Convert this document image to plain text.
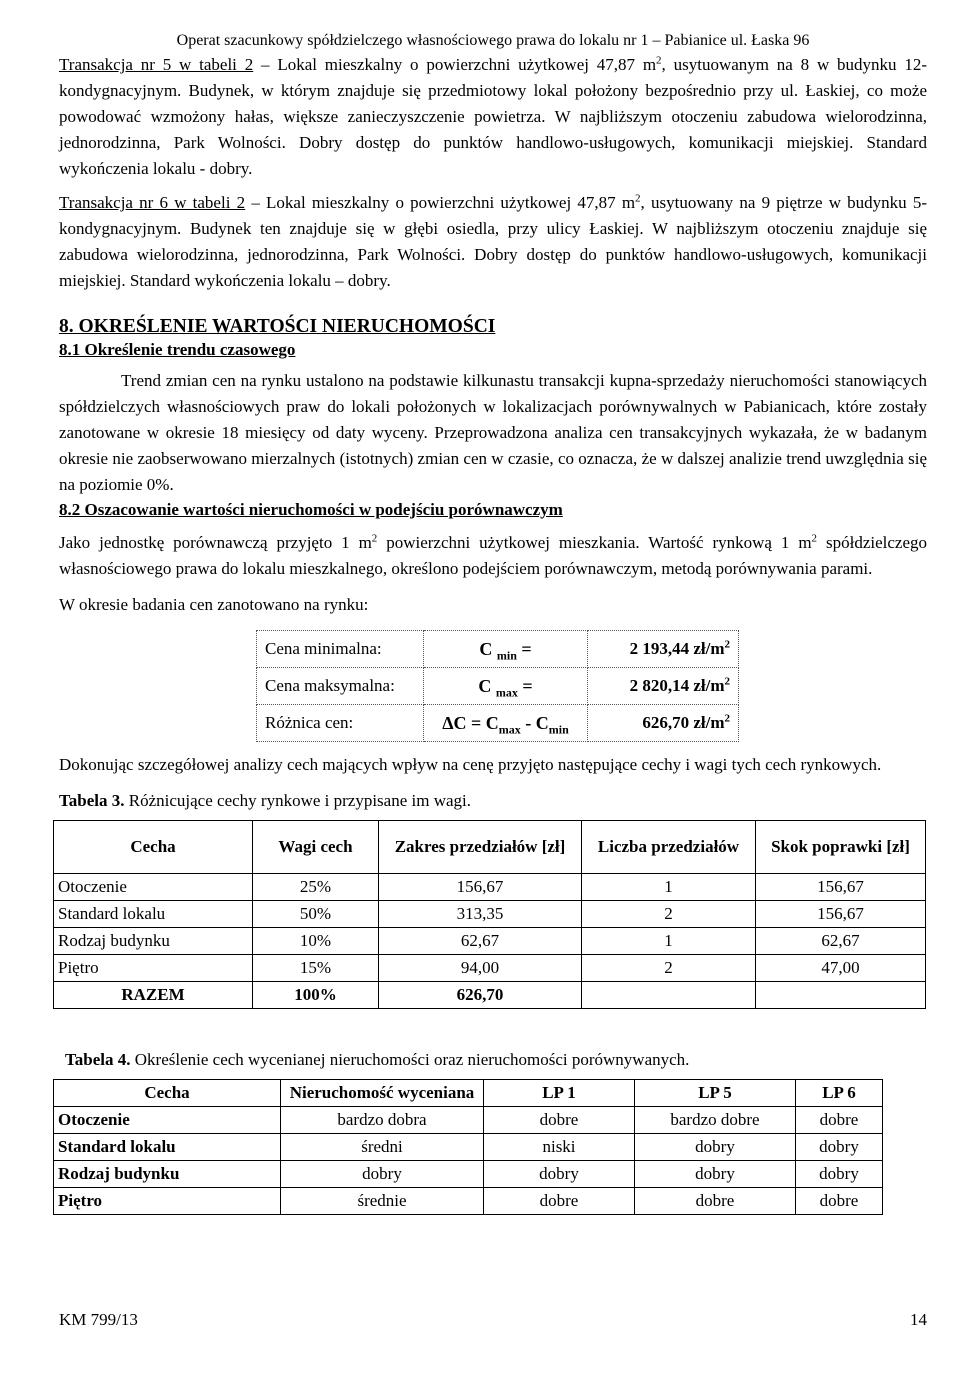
Operat szacunkowy spółdzielczego własnościowego prawa do lokalu nr 1 – Pabianice ul. Łaska 96

Transakcja nr 5 w tabeli 2 – Lokal mieszkalny o powierzchni użytkowej 47,87 $m^2$, usytuowanym na 8 w budynku 12-kondygnacyjnym. Budynek, w którym znajduje się przedmiotowy lokal położony bezpośrednio przy ul. Łaskiej, co może powodować wzmożony hałas, większe zanieczyszczenie powietrza. W najbliższym otoczeniu zabudowa wielorodzinna, jednorodzinna, Park Wolności. Dobry dostęp do punktów handlowo-usługowych, komunikacji miejskiej. Standard wykończenia lokalu - dobry.

Transakcja nr 6 w tabeli 2 – Lokal mieszkalny o powierzchni użytkowej 47,87 $m^2$, usytuowany na 9 piętrze w budynku 5-kondygnacyjnym. Budynek ten znajduje się w głębi osiedla, przy ulicy Łaskiej. W najbliższym otoczeniu znajduje się zabudowa wielorodzinna, jednorodzinna, Park Wolności. Dobry dostęp do punktów handlowo-usługowych, komunikacji miejskiej. Standard wykończenia lokalu – dobry.

8. OKREŚLENIE WARTOŚCI NIERUCHOMOŚCI
8.1 Określenie trendu czasowego

Trend zmian cen na rynku ustalono na podstawie kilkunastu transakcji kupna-sprzedaży nieruchomości stanowiących spółdzielczych własnościowych praw do lokali położonych w lokalizacjach porównywalnych w Pabianicach, które zostały zanotowane w okresie 18 miesięcy od daty wyceny. Przeprowadzona analiza cen transakcyjnych wykazała, że w badanym okresie nie zaobserwowano mierzalnych (istotnych) zmian cen w czasie, co oznacza, że w dalszej analizie trend uwzględnia się na poziomie 0%.

8.2 Oszacowanie wartości nieruchomości w podejściu porównawczym

Jako jednostkę porównawczą przyjęto 1 $m^2$ powierzchni użytkowej mieszkania. Wartość rynkową 1 $m^2$ spółdzielczego własnościowego prawa do lokalu mieszkalnego, określono podejściem porównawczym, metodą porównywania parami.

W okresie badania cen zanotowano na rynku:

Cena minimalna:	C $_{min}$ =	2 193,44 $zł/m^2$
Cena maksymalna:	C $_{max}$ =	2 820,14 $zł/m^2$
Różnica cen:	$\Delta C = C_{max} - C_{min}$	626,70 $zł/m^2$

Dokonując szczegółowej analizy cech mających wpływ na cenę przyjęto następujące cechy i wagi tych cech rynkowych.

Tabela 3. Różnicujące cechy rynkowe i przypisane im wagi.

Cecha	Wagi cech	Zakres przedziałów [zł]	Liczba przedziałów	Skok poprawki [zł]
Otoczenie	25%	156,67	1	156,67
Standard lokalu	50%	313,35	2	156,67
Rodzaj budynku	10%	62,67	1	62,67
Piętro	15%	94,00	2	47,00
RAZEM	100%	626,70		

Tabela 4. Określenie cech wycenianej nieruchomości oraz nieruchomości porównywanych.

Cecha	Nieruchomość wyceniana	LP 1	LP 5	LP 6
Otoczenie	bardzo dobra	dobre	bardzo dobre	dobre
Standard lokalu	średni	niski	dobry	dobry
Rodzaj budynku	dobry	dobry	dobry	dobry
Piętro	średnie	dobre	dobre	dobre
KM 799/13	14
